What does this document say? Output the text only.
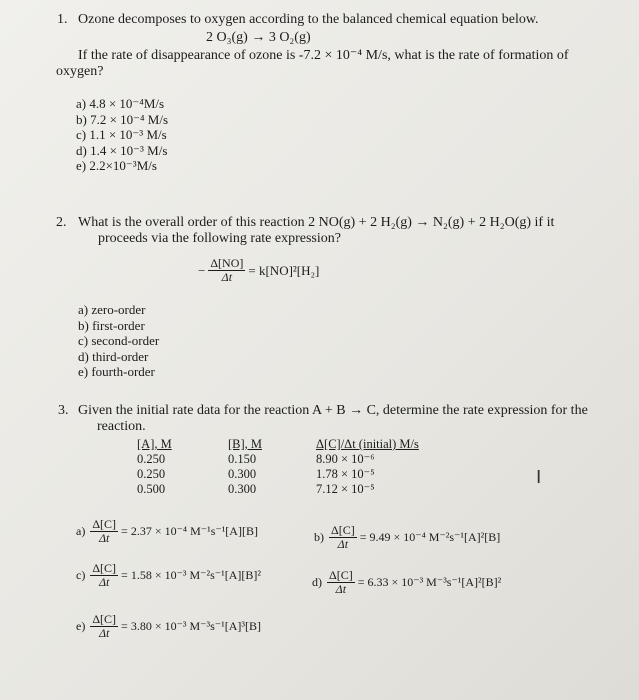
1. Ozone decomposes to oxygen according to the balanced chemical equation below.
2 O₃(g) → 3 O₂(g)
If the rate of disappearance of ozone is -7.2 × 10⁻⁴ M/s, what is the rate of formation of
oxygen?
a) 4.8 × 10⁻⁴M/s
b) 7.2 × 10⁻⁴ M/s
c) 1.1 × 10⁻³ M/s
d) 1.4 × 10⁻³ M/s
e) 2.2×10⁻³M/s
2. What is the overall order of this reaction 2 NO(g) + 2 H₂(g) → N₂(g) + 2 H₂O(g) if it
proceeds via the following rate expression?
− $\frac{\Delta[NO]}{\Delta t} = k[NO]^2[H_2]$
a) zero-order
b) first-order
c) second-order
d) third-order
e) fourth-order
3. Given the initial rate data for the reaction A + B → C, determine the rate expression for the
reaction.
[A], M
0.250
0.250
0.500
[B], M
0.150
0.300
0.300
Δ[C]/Δt (initial) M/s
8.90 × 10⁻⁶
1.78 × 10⁻⁵
7.12 × 10⁻⁵
I
$a) \frac{\Delta[C]}{\Delta t} = 2.37 \times 10^{-4}$ M⁻¹s⁻¹[A][B]	$b) \frac{\Delta[C]}{\Delta t} = 9.49 \times 10^{-4}$ M⁻²s⁻¹[A]²[B]
$c) \frac{\Delta[C]}{\Delta t} = 1.58 \times 10^{-3}$ M⁻²s⁻¹[A][B]²	$d) \frac{\Delta[C]}{\Delta t} = 6.33 \times 10^{-3}$ M⁻³s⁻¹[A]²[B]²
$e) \frac{\Delta[C]}{\Delta t} = 3.80 \times 10^{-3}$ M⁻³s⁻¹[A]³[B]
